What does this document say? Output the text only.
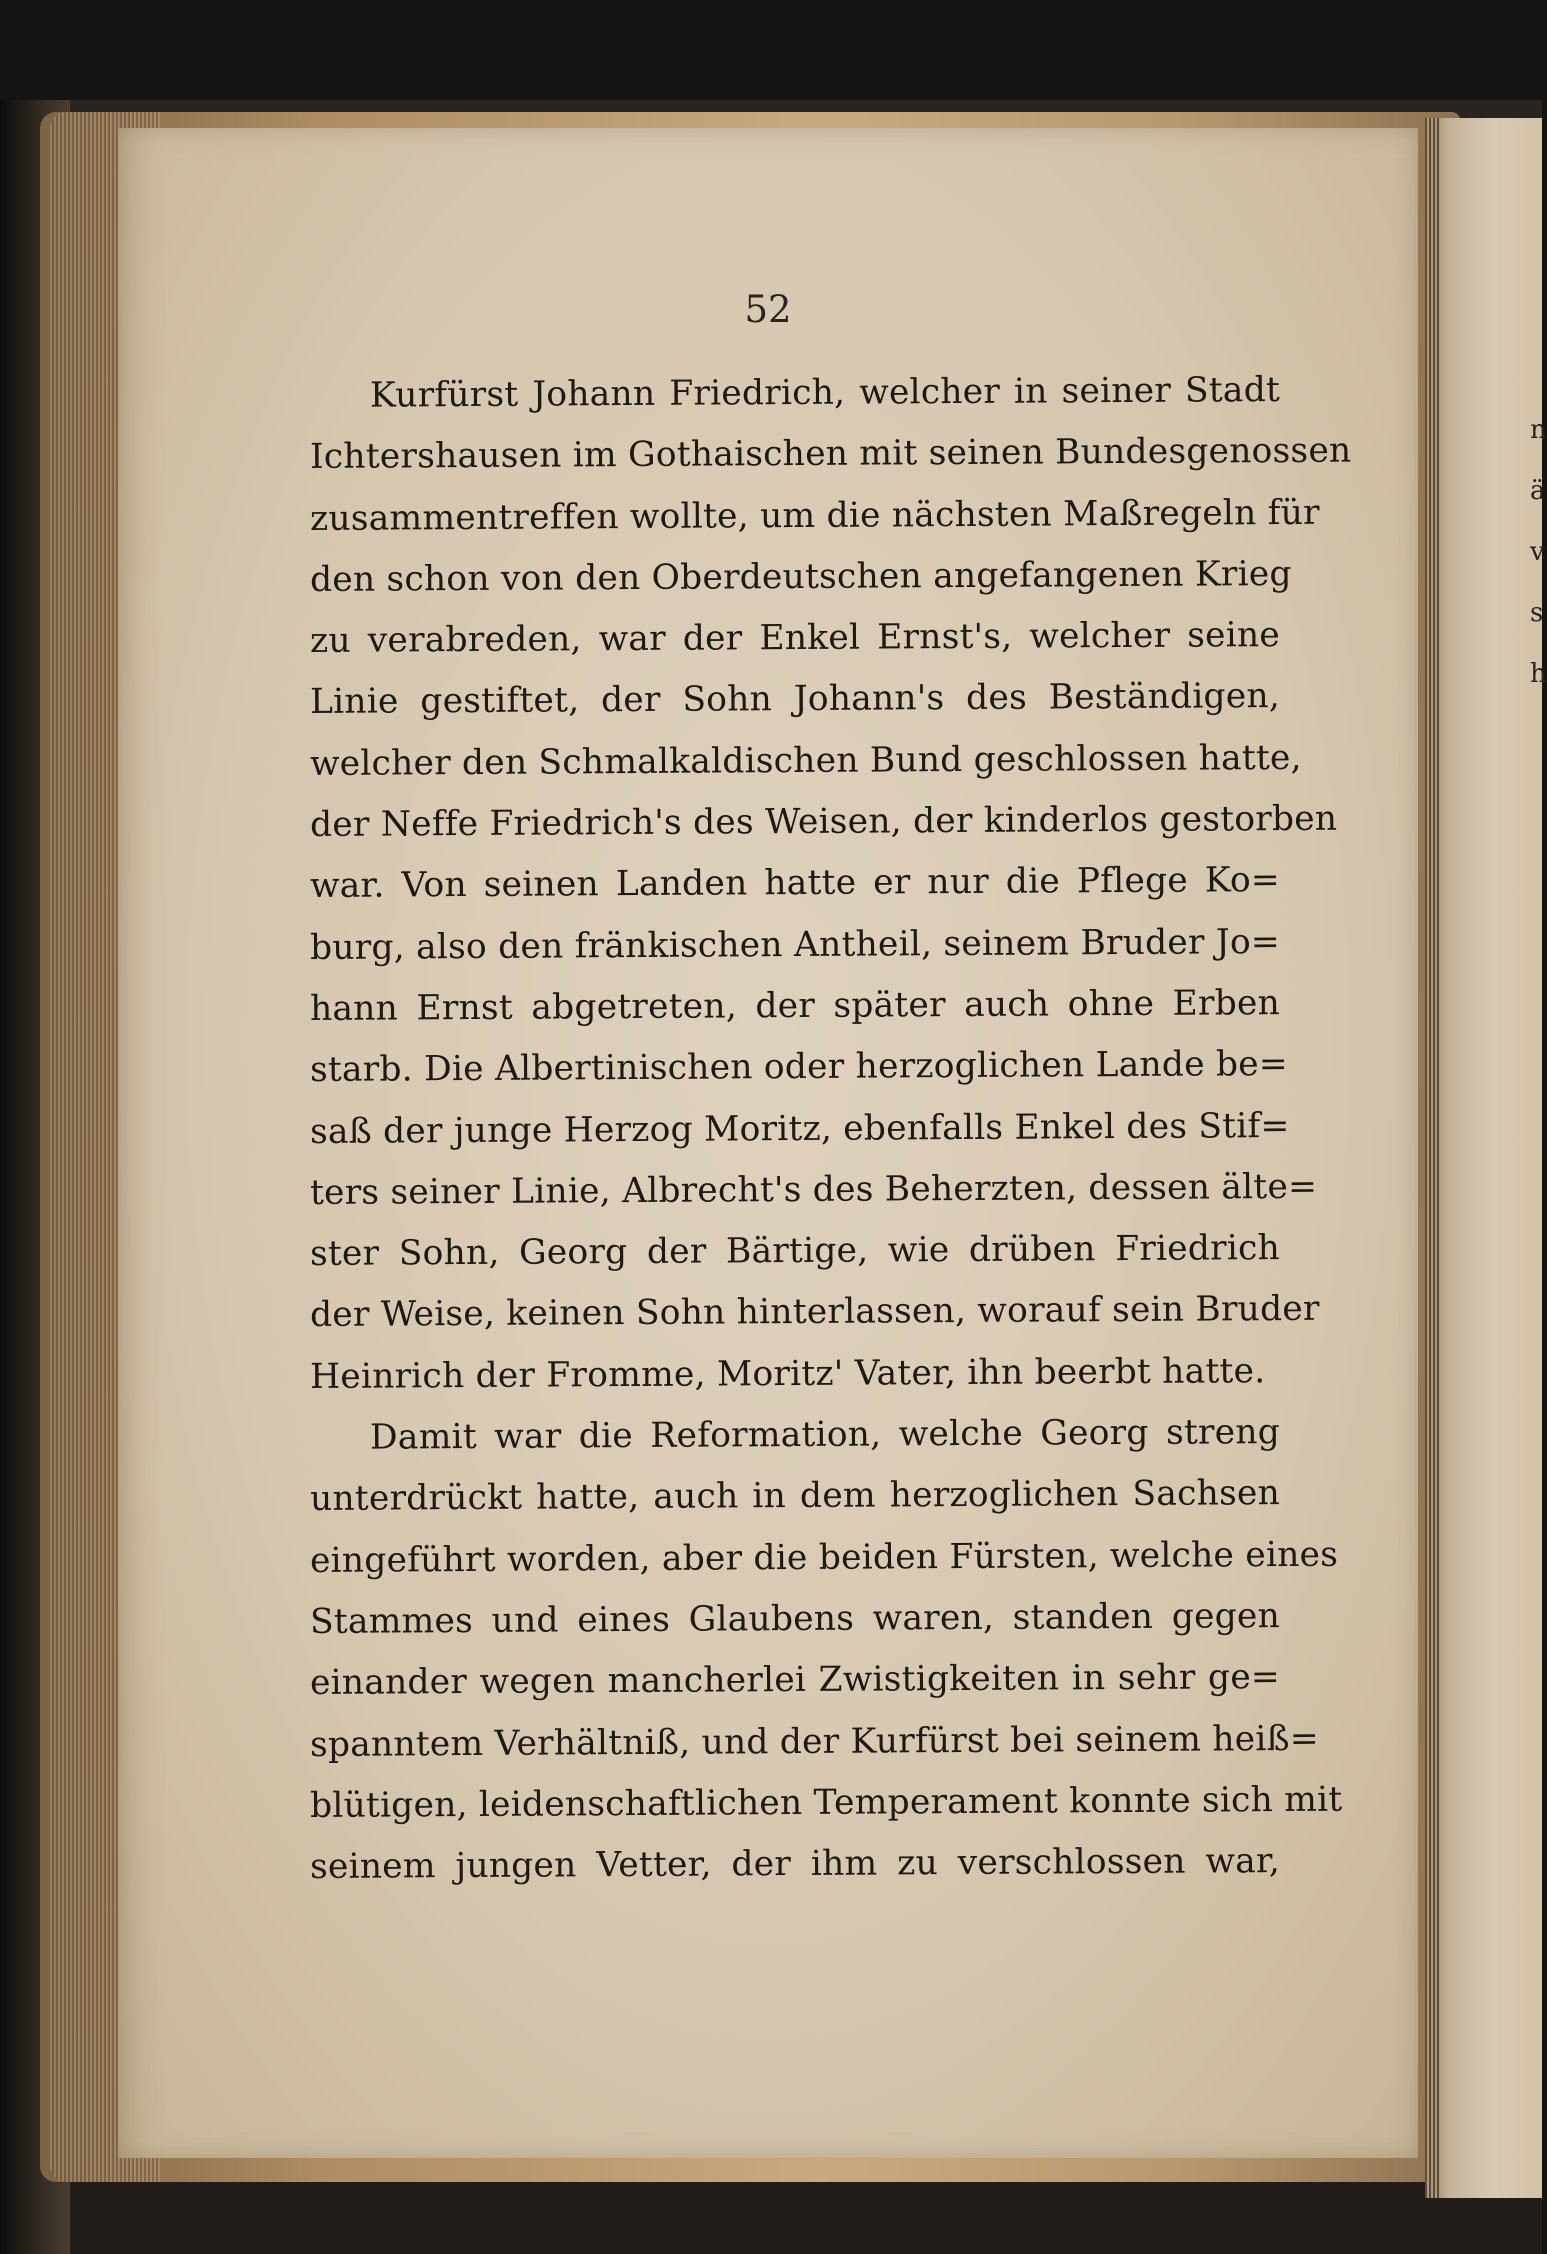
52
Kurfürst Johann Friedrich, welcher in seiner Stadt
Ichtershausen im Gothaischen mit seinen Bundesgenossen
zusammentreffen wollte, um die nächsten Maßregeln für
den schon von den Oberdeutschen angefangenen Krieg
zu verabreden, war der Enkel Ernst's, welcher seine
Linie gestiftet, der Sohn Johann's des Beständigen,
welcher den Schmalkaldischen Bund geschlossen hatte,
der Neffe Friedrich's des Weisen, der kinderlos gestorben
war. Von seinen Landen hatte er nur die Pflege Ko=
burg, also den fränkischen Antheil, seinem Bruder Jo=
hann Ernst abgetreten, der später auch ohne Erben
starb. Die Albertinischen oder herzoglichen Lande be=
saß der junge Herzog Moritz, ebenfalls Enkel des Stif=
ters seiner Linie, Albrecht's des Beherzten, dessen älte=
ster Sohn, Georg der Bärtige, wie drüben Friedrich
der Weise, keinen Sohn hinterlassen, worauf sein Bruder
Heinrich der Fromme, Moritz' Vater, ihn beerbt hatte.
Damit war die Reformation, welche Georg streng
unterdrückt hatte, auch in dem herzoglichen Sachsen
eingeführt worden, aber die beiden Fürsten, welche eines
Stammes und eines Glaubens waren, standen gegen
einander wegen mancherlei Zwistigkeiten in sehr ge=
spanntem Verhältniß, und der Kurfürst bei seinem heiß=
blütigen, leidenschaftlichen Temperament konnte sich mit
seinem jungen Vetter, der ihm zu verschlossen war,
n
ä
v
s
h
